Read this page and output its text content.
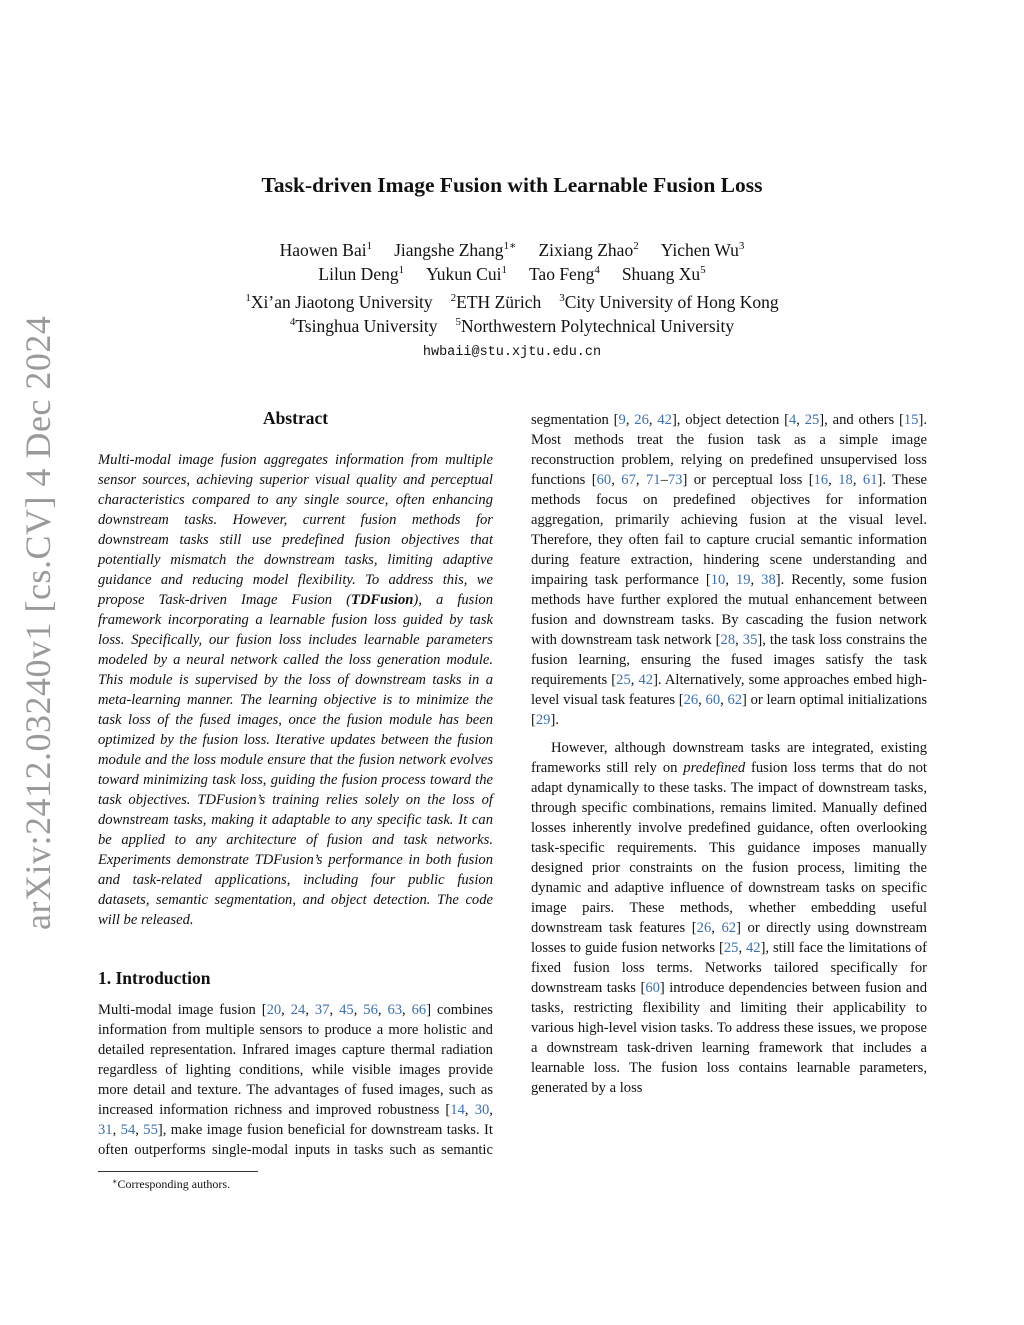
arXiv:2412.03240v1 [cs.CV] 4 Dec 2024
Task-driven Image Fusion with Learnable Fusion Loss
Haowen Bai$^1$ Jiangshe Zhang$^{1∗}$ Zixiang Zhao$^2$ Yichen Wu$^3$
Lilun Deng$^1$ Yukun Cui$^1$ Tao Feng$^4$ Shuang Xu$^5$
$^1$Xi’an Jiaotong University $^2$ETH Zürich $^3$City University of Hong Kong
$^4$Tsinghua University $^5$Northwestern Polytechnical University
hwbaii@stu.xjtu.edu.cn
Abstract

Multi-modal image fusion aggregates information from multiple sensor sources, achieving superior visual quality and perceptual characteristics compared to any single source, often enhancing downstream tasks. However, current fusion methods for downstream tasks still use predefined fusion objectives that potentially mismatch the downstream tasks, limiting adaptive guidance and reducing model flexibility. To address this, we propose Task-driven Image Fusion (TDFusion), a fusion framework incorporating a learnable fusion loss guided by task loss. Specifically, our fusion loss includes learnable parameters modeled by a neural network called the loss generation module. This module is supervised by the loss of downstream tasks in a meta-learning manner. The learning objective is to minimize the task loss of the fused images, once the fusion module has been optimized by the fusion loss. Iterative updates between the fusion module and the loss module ensure that the fusion network evolves toward minimizing task loss, guiding the fusion process toward the task objectives. TDFusion’s training relies solely on the loss of downstream tasks, making it adaptable to any specific task. It can be applied to any architecture of fusion and task networks. Experiments demonstrate TDFusion’s performance in both fusion and task-related applications, including four public fusion datasets, semantic segmentation, and object detection. The code will be released.

1. Introduction

Multi-modal image fusion [20, 24, 37, 45, 56, 63, 66] combines information from multiple sensors to produce a more holistic and detailed representation. Infrared images capture thermal radiation regardless of lighting conditions, while visible images provide more detail and texture. The advantages of fused images, such as increased information richness and improved robustness [14, 30, 31, 54, 55], make image fusion beneficial for downstream tasks. It often outperforms single-modal inputs in tasks such as semantic

segmentation [9, 26, 42], object detection [4, 25], and others [15]. Most methods treat the fusion task as a simple image reconstruction problem, relying on predefined unsupervised loss functions [60, 67, 71–73] or perceptual loss [16, 18, 61]. These methods focus on predefined objectives for information aggregation, primarily achieving fusion at the visual level. Therefore, they often fail to capture crucial semantic information during feature extraction, hindering scene understanding and impairing task performance [10, 19, 38]. Recently, some fusion methods have further explored the mutual enhancement between fusion and downstream tasks. By cascading the fusion network with downstream task network [28, 35], the task loss constrains the fusion learning, ensuring the fused images satisfy the task requirements [25, 42]. Alternatively, some approaches embed high-level visual task features [26, 60, 62] or learn optimal initializations [29].

However, although downstream tasks are integrated, existing frameworks still rely on predefined fusion loss terms that do not adapt dynamically to these tasks. The impact of downstream tasks, through specific combinations, remains limited. Manually defined losses inherently involve predefined guidance, often overlooking task-specific requirements. This guidance imposes manually designed prior constraints on the fusion process, limiting the dynamic and adaptive influence of downstream tasks on specific image pairs. These methods, whether embedding useful downstream task features [26, 62] or directly using downstream losses to guide fusion networks [25, 42], still face the limitations of fixed fusion loss terms. Networks tailored specifically for downstream tasks [60] introduce dependencies between fusion and tasks, restricting flexibility and limiting their applicability to various high-level vision tasks. To address these issues, we propose a downstream task-driven learning framework that includes a learnable loss. The fusion loss contains learnable parameters, generated by a loss

∗Corresponding authors.
